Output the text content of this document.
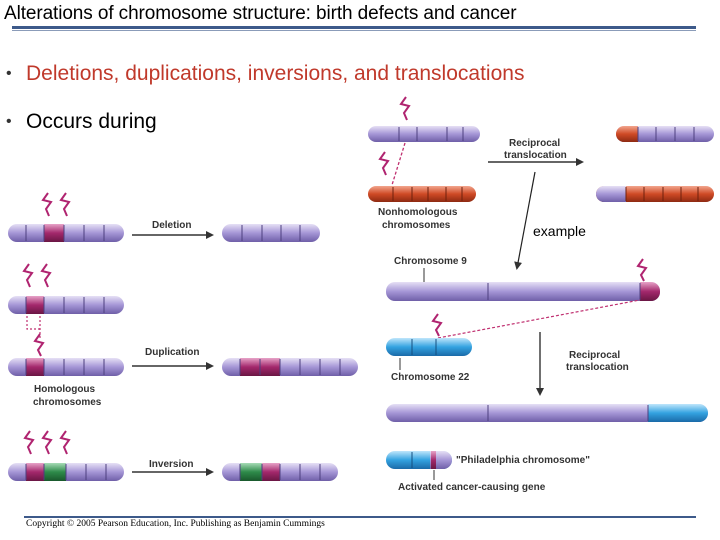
Alterations of chromosome structure: birth defects and cancer
• Deletions, duplications, inversions, and translocations
• Occurs during
Reciprocal
translocation
Nonhomologous
chromosomes	example
Deletion
Duplication
Homologous
chromosomes
Inversion
Chromosome 9
Chromosome 22
Reciprocal
translocation
"Philadelphia chromosome"
Activated cancer-causing gene
Copyright © 2005 Pearson Education, Inc. Publishing as Benjamin Cummings
